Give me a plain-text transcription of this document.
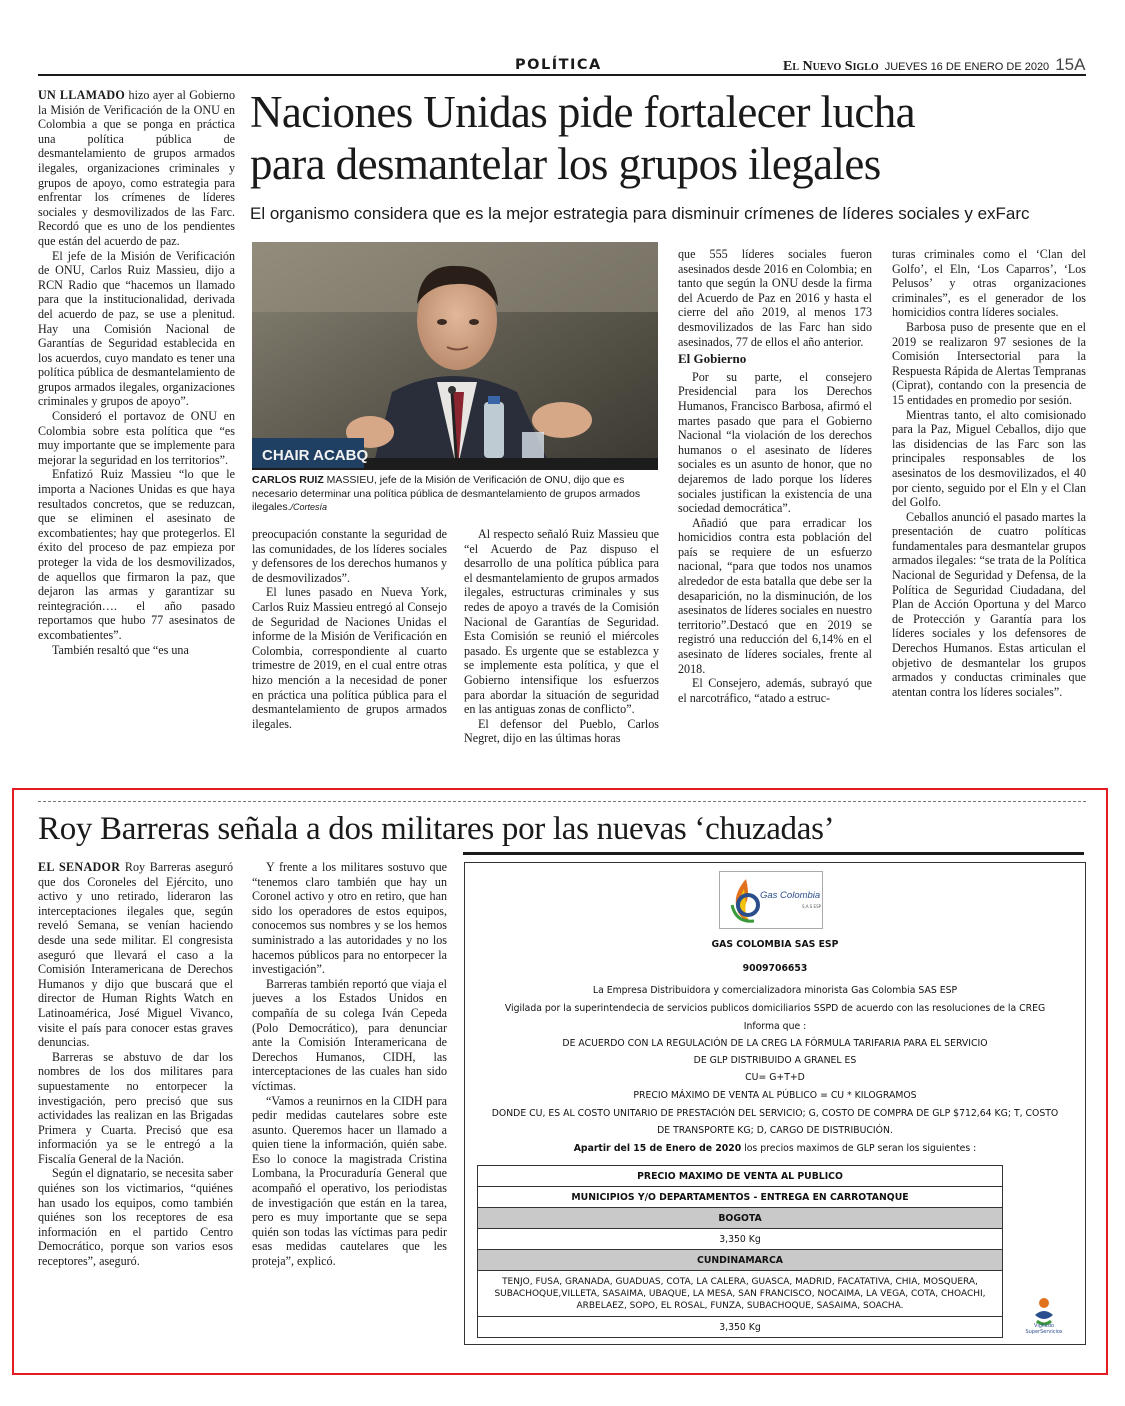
POLÍTICA	El Nuevo Siglo JUEVES 16 DE ENERO DE 2020 15A
Naciones Unidas pide fortalecer lucha
para desmantelar los grupos ilegales
El organismo considera que es la mejor estrategia para disminuir crímenes de líderes sociales y exFarc

UN LLAMADO hizo ayer al Gobierno la Misión de Verificación de la ONU en Colombia a que se ponga en práctica una política pública de desmantelamiento de grupos armados ilegales, organizaciones criminales y grupos de apoyo, como estrategia para enfrentar los crímenes de líderes sociales y desmovilizados de las Farc. Recordó que es uno de los pendientes que están del acuerdo de paz.

El jefe de la Misión de Verificación de ONU, Carlos Ruiz Massieu, dijo a RCN Radio que “hacemos un llamado para que la institucionalidad, derivada del acuerdo de paz, se use a plenitud. Hay una Comisión Nacional de Garantías de Seguridad establecida en los acuerdos, cuyo mandato es tener una política pública de desmantelamiento de grupos armados ilegales, organizaciones criminales y grupos de apoyo”.

Consideró el portavoz de ONU en Colombia sobre esta política que “es muy importante que se implemente para mejorar la seguridad en los territorios”.

Enfatizó Ruiz Massieu “lo que le importa a Naciones Unidas es que haya resultados concretos, que se reduzcan, que se eliminen el asesinato de excombatientes; hay que protegerlos. El éxito del proceso de paz empieza por proteger la vida de los desmovilizados, de aquellos que firmaron la paz, que dejaron las armas y garantizar su reintegración…. el año pasado reportamos que hubo 77 asesinatos de excombatientes”.

También resaltó que “es una

CHAIR ACABQ
CARLOS RUIZ MASSIEU, jefe de la Misión de Verificación de ONU, dijo que es necesario determinar una política pública de desmantelamiento de grupos armados ilegales./Cortesía

preocupación constante la seguridad de las comunidades, de los líderes sociales y defensores de los derechos humanos y de desmovilizados”.

El lunes pasado en Nueva York, Carlos Ruiz Massieu entregó al Consejo de Seguridad de Naciones Unidas el informe de la Misión de Verificación en Colombia, correspondiente al cuarto trimestre de 2019, en el cual entre otras hizo mención a la necesidad de poner en práctica una política pública para el desmantelamiento de grupos armados ilegales.

Al respecto señaló Ruiz Massieu que “el Acuerdo de Paz dispuso el desarrollo de una política pública para el desmantelamiento de grupos armados ilegales, estructuras criminales y sus redes de apoyo a través de la Comisión Nacional de Garantías de Seguridad. Esta Comisión se reunió el miércoles pasado. Es urgente que se establezca y se implemente esta política, y que el Gobierno intensifique los esfuerzos para abordar la situación de seguridad en las antiguas zonas de conflicto”.

El defensor del Pueblo, Carlos Negret, dijo en las últimas horas

que 555 líderes sociales fueron asesinados desde 2016 en Colombia; en tanto que según la ONU desde la firma del Acuerdo de Paz en 2016 y hasta el cierre del año 2019, al menos 173 desmovilizados de las Farc han sido asesinados, 77 de ellos el año anterior.

El Gobierno

Por su parte, el consejero Presidencial para los Derechos Humanos, Francisco Barbosa, afirmó el martes pasado que para el Gobierno Nacional “la violación de los derechos humanos o el asesinato de líderes sociales es un asunto de honor, que no dejaremos de lado porque los líderes sociales justifican la existencia de una sociedad democrática”.

Añadió que para erradicar los homicidios contra esta población del país se requiere de un esfuerzo nacional, “para que todos nos unamos alrededor de esta batalla que debe ser la desaparición, no la disminución, de los asesinatos de líderes sociales en nuestro territorio”.Destacó que en 2019 se registró una reducción del 6,14% en el asesinato de líderes sociales, frente al 2018.

El Consejero, además, subrayó que el narcotráfico, “atado a estruc-

turas criminales como el ‘Clan del Golfo’, el Eln, ‘Los Caparros’, ‘Los Pelusos’ y otras organizaciones criminales”, es el generador de los homicidios contra líderes sociales.

Barbosa puso de presente que en el 2019 se realizaron 97 sesiones de la Comisión Intersectorial para la Respuesta Rápida de Alertas Tempranas (Ciprat), contando con la presencia de 15 entidades en promedio por sesión.

Mientras tanto, el alto comisionado para la Paz, Miguel Ceballos, dijo que las disidencias de las Farc son las principales responsables de los asesinatos de los desmovilizados, el 40 por ciento, seguido por el Eln y el Clan del Golfo.

Ceballos anunció el pasado martes la presentación de cuatro políticas fundamentales para desmantelar grupos armados ilegales: “se trata de la Política Nacional de Seguridad y Defensa, de la Política de Seguridad Ciudadana, del Plan de Acción Oportuna y del Marco de Protección y Garantía para los líderes sociales y los defensores de Derechos Humanos. Estas articulan el objetivo de desmantelar los grupos armados y conductas criminales que atentan contra los líderes sociales”.

Roy Barreras señala a dos militares por las nuevas ‘chuzadas’

EL SENADOR Roy Barreras aseguró que dos Coroneles del Ejército, uno activo y uno retirado, lideraron las interceptaciones ilegales que, según reveló Semana, se venían haciendo desde una sede militar. El congresista aseguró que llevará el caso a la Comisión Interamericana de Derechos Humanos y dijo que buscará que el director de Human Rights Watch en Latinoamérica, José Miguel Vivanco, visite el país para conocer estas graves denuncias.

Barreras se abstuvo de dar los nombres de los dos militares para supuestamente no entorpecer la investigación, pero precisó que sus actividades las realizan en las Brigadas Primera y Cuarta. Precisó que esa información ya se le entregó a la Fiscalía General de la Nación.

Según el dignatario, se necesita saber quiénes son los victimarios, “quiénes han usado los equipos, como también quiénes son los receptores de esa información en el partido Centro Democrático, porque son varios esos receptores”, aseguró.

Y frente a los militares sostuvo que “tenemos claro también que hay un Coronel activo y otro en retiro, que han sido los operadores de estos equipos, conocemos sus nombres y se los hemos suministrado a las autoridades y no los hacemos públicos para no entorpecer la investigación”.

Barreras también reportó que viaja el jueves a los Estados Unidos en compañía de su colega Iván Cepeda (Polo Democrático), para denunciar ante la Comisión Interamericana de Derechos Humanos, CIDH, las interceptaciones de las cuales han sido víctimas.

“Vamos a reunirnos en la CIDH para pedir medidas cautelares sobre este asunto. Queremos hacer un llamado a quien tiene la información, quién sabe. Eso lo conoce la magistrada Cristina Lombana, la Procuraduría General que acompañó el operativo, los periodistas de investigación que están en la tarea, pero es muy importante que se sepa quién son todas las víctimas para pedir esas medidas cautelares que les proteja”, explicó.

Gas Colombia
S.A.S ESP
GAS COLOMBIA SAS ESP
9009706653
La Empresa Distribuidora y comercializadora minorista Gas Colombia SAS ESP
Vigilada por la superintendecia de servicios publicos domiciliarios SSPD de acuerdo con las resoluciones de la CREG
Informa que :
DE ACUERDO CON LA REGULACIÓN DE LA CREG LA FÓRMULA TARIFARIA PARA EL SERVICIO
DE GLP DISTRIBUIDO A GRANEL ES
CU= G+T+D
PRECIO MÁXIMO DE VENTA AL PÚBLICO = CU * KILOGRAMOS
DONDE CU, ES AL COSTO UNITARIO DE PRESTACIÓN DEL SERVICIO; G, COSTO DE COMPRA DE GLP $712,64 KG; T, COSTO
DE TRANSPORTE KG; D, CARGO DE DISTRIBUCIÓN.
Apartir del 15 de Enero de 2020 los precios maximos de GLP seran los siguientes :
PRECIO MAXIMO DE VENTA AL PUBLICO
MUNICIPIOS Y/O DEPARTAMENTOS - ENTREGA EN CARROTANQUE
BOGOTA
3,350 Kg
CUNDINAMARCA
TENJO, FUSA, GRANADA, GUADUAS, COTA, LA CALERA, GUASCA, MADRID, FACATATIVA, CHIA, MOSQUERA, SUBACHOQUE,VILLETA, SASAIMA, UBAQUE, LA MESA, SAN FRANCISCO, NOCAIMA, LA VEGA, COTA, CHOACHI, ARBELAEZ, SOPO, EL ROSAL, FUNZA, SUBACHOQUE, SASAIMA, SOACHA.
3,350 Kg	Vigilado SuperServicios
